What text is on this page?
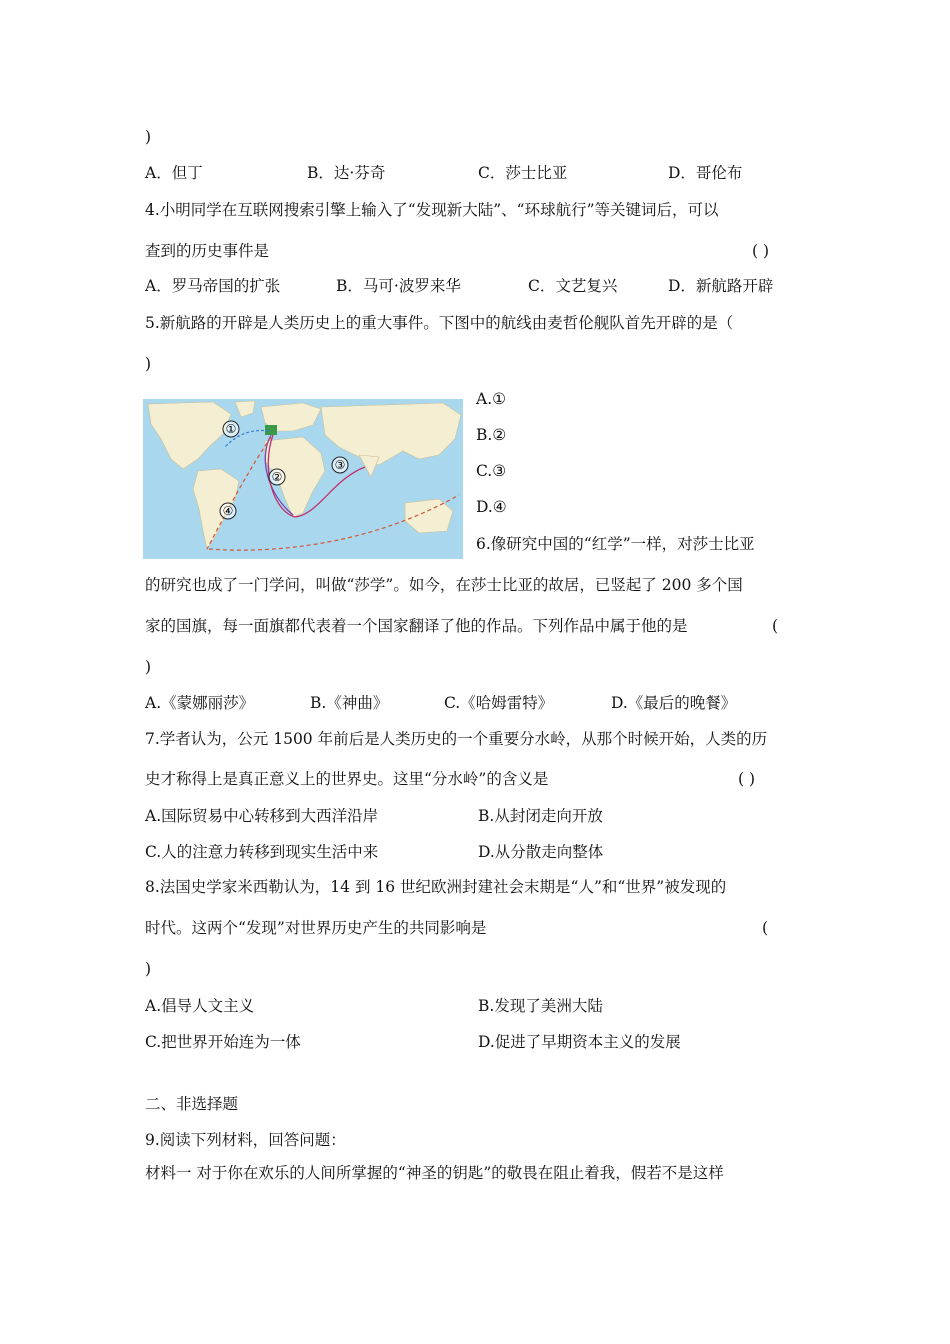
)
A．但丁	B．达·芬奇	C．莎士比亚	D．哥伦布
4.小明同学在互联网搜索引擎上输入了“发现新大陆”、“环球航行”等关键词后，可以
查到的历史事件是	( )
A．罗马帝国的扩张	B．马可·波罗来华	C．文艺复兴	D．新航路开辟
5.新航路的开辟是人类历史上的重大事件。下图中的航线由麦哲伦舰队首先开辟的是（
)
①
②
③
④
A.①
B.②
C.③
D.④
6.像研究中国的“红学”一样，对莎士比亚
的研究也成了一门学问，叫做“莎学”。如今，在莎士比亚的故居，已竖起了 200 多个国
家的国旗，每一面旗都代表着一个国家翻译了他的作品。下列作品中属于他的是	(
)
A.《蒙娜丽莎》	B.《神曲》	C.《哈姆雷特》	D.《最后的晚餐》
7.学者认为，公元 1500 年前后是人类历史的一个重要分水岭，从那个时候开始，人类的历
史才称得上是真正意义上的世界史。这里“分水岭”的含义是	( )
A.国际贸易中心转移到大西洋沿岸	B.从封闭走向开放
C.人的注意力转移到现实生活中来	D.从分散走向整体
8.法国史学家米西勒认为，14 到 16 世纪欧洲封建社会末期是“人”和“世界”被发现的
时代。这两个“发现”对世界历史产生的共同影响是	(
)
A.倡导人文主义	B.发现了美洲大陆
C.把世界开始连为一体	D.促进了早期资本主义的发展
二、非选择题
9.阅读下列材料，回答问题：
材料一 对于你在欢乐的人间所掌握的“神圣的钥匙”的敬畏在阻止着我，假若不是这样
